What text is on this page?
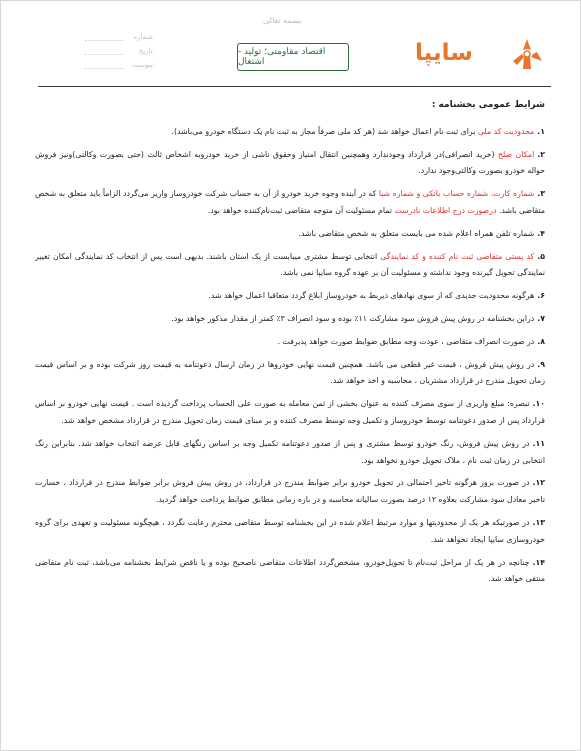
بسمه تعالی
شماره:
تاریخ:
پیوست:
اقتصاد مقاومتی؛ تولید - اشتغال	سایپا
شرایط عمومی بخشنامه :
۱.محدودیت کد ملی برای ثبت نام اعمال خواهد شد (هر کد ملی صرفاً مجاز به ثبت نام یک دستگاه خودرو می‌باشد).
۲.امکان صلح (خرید انصرافی)در قرارداد وجودندارد وهمچنین انتقال امتیاز وحقوق ناشی از خرید خودروبه اشخاص ثالث (حتی بصورت وکالتی)ونیز فروش حواله خودرو بصورت وکالتی‌وجود ندارد.
۳.شماره کارت، شماره حساب بانکی و شماره شبا که در آینده وجوه خرید خودرو از آن به حساب شرکت خودروساز واریز می‌گردد الزاماً باید متعلق به شخص متقاضی باشد. درصورت درج اطلاعات نادرست تمام مسئولیت آن متوجه متقاضی ثبت‌نام‌کننده خواهد بود.
۴.شماره تلفن همراه اعلام شده می بایست متعلق به شخص متقاضی باشد.
۵.کد پستی متقاضی ثبت نام کننده و کد نمایندگی انتخابی توسط مشتری میبایست از یک استان باشند. بدیهی است پس از انتخاب کد نمایندگی امکان تغییر نمایندگی تحویل گیرنده وجود نداشته و مسئولیت آن بر عهده گروه سایپا نمی باشد.
۶.هرگونه محدودیت جدیدی که از سوی نهادهای ذیربط به خودروساز ابلاغ گردد متعاقبا اعمال خواهد شد.
۷.دراین بخشنامه در روش پیش فروش سود مشارکت ۱۱٪ بوده و سود انصراف ۳٪ کمتر از مقدار مذکور خواهد بود.
۸.در صورت انصراف متقاضی ، عودت وجه مطابق ضوابط صورت خواهد پذیرفت .
۹.در روش پیش فروش ، قیمت غیر قطعی می باشد. همچنین قیمت نهایی خودروها در زمان ارسال دعوتنامه به قیمت روز شرکت بوده و بر اساس قیمت زمان تحویل مندرج در قرارداد مشتریان ، محاسبه و اخذ خواهد شد.
۱۰.تبصره: مبلغ واریزی از سوی مصرف کننده به عنوان بخشی از ثمن معامله به صورت علی الحساب پرداخت گردیده است . قیمت نهایی خودرو بر اساس قرارداد پس از صدور دعوتنامه توسط خودروساز و تکمیل وجه توسط مصرف کننده و بر مبنای قیمت زمان تحویل مندرج در قرارداد مشخص خواهد شد.
۱۱.در روش پیش فروش، رنگ خودرو توسط مشتری و پس از صدور دعوتنامه تکمیل وجه بر اساس رنگهای قابل عرضه انتخاب خواهد شد. بنابراین رنگ انتخابی در زمان ثبت نام ، ملاک تحویل خودرو نخواهد بود.
۱۲.در صورت بروز هرگونه تاخیر احتمالی در تحویل خودرو برابر ضوابط مندرج در قرارداد، در روش پیش فروش برابر ضوابط مندرج در قرارداد ، خسارت تاخیر معادل سود مشارکت بعلاوه ۱۲ درصد بصورت سالیانه محاسبه و در بازه زمانی مطابق ضوابط پرداخت خواهد گردید.
۱۳.در صورتیکه هر یک از محدودیتها و موارد مرتبط اعلام شده در این بخشنامه توسط متقاضی محترم رعایت نگردد ، هیچگونه مسئولیت و تعهدی برای گروه خودروسازی سایپا ایجاد نخواهد شد.
۱۴.چنانچه در هر یک از مراحل ثبت‌نام تا تحویل‌خودرو، مشخص‌گردد اطلاعات متقاضی ناصحیح بوده و یا ناقص شرایط بخشنامه می‌باشد، ثبت نام متقاضی منتفی خواهد شد.
